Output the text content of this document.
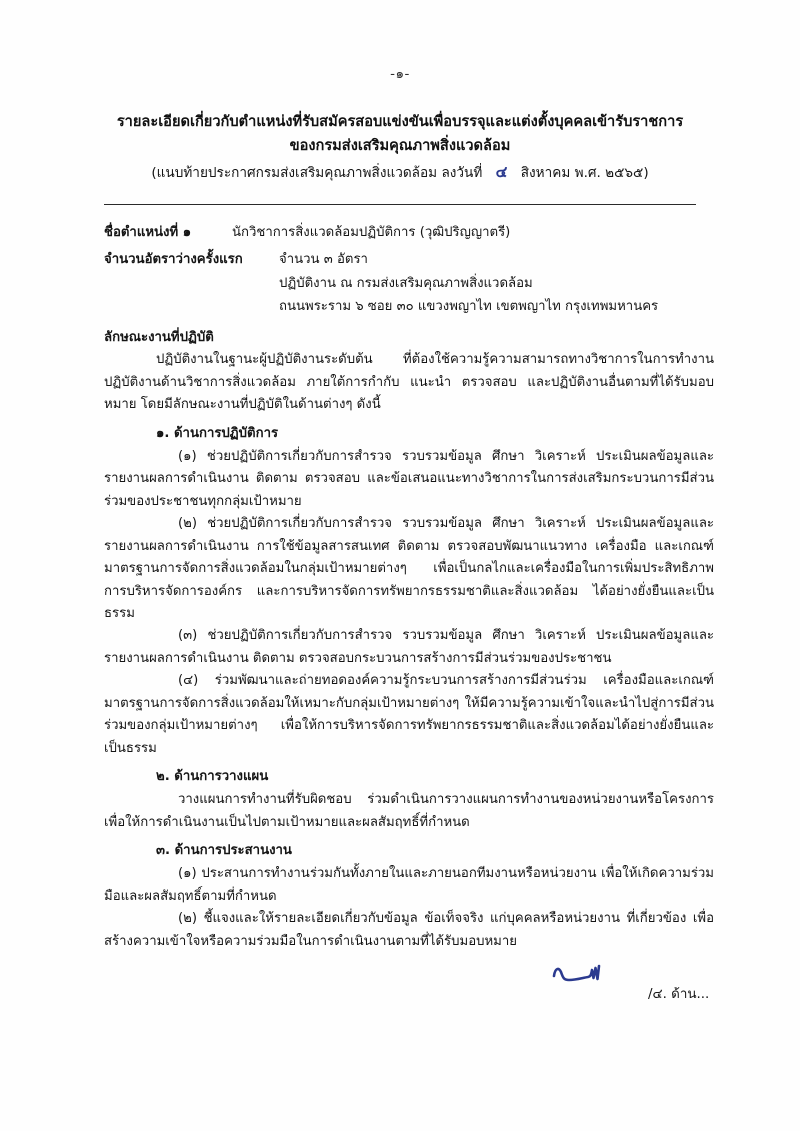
-๑-
รายละเอียดเกี่ยวกับตำแหน่งที่รับสมัครสอบแข่งขันเพื่อบรรจุและแต่งตั้งบุคคลเข้ารับราชการ
ของกรมส่งเสริมคุณภาพสิ่งแวดล้อม
(แนบท้ายประกาศกรมส่งเสริมคุณภาพสิ่งแวดล้อม ลงวันที่ ๔ สิงหาคม พ.ศ. ๒๕๖๕)
ชื่อตำแหน่งที่ ๑	นักวิชาการสิ่งแวดล้อมปฏิบัติการ (วุฒิปริญญาตรี)
จำนวนอัตราว่างครั้งแรก	จำนวน ๓ อัตรา
ปฏิบัติงาน ณ กรมส่งเสริมคุณภาพสิ่งแวดล้อม
ถนนพระราม ๖ ซอย ๓๐ แขวงพญาไท เขตพญาไท กรุงเทพมหานคร
ลักษณะงานที่ปฏิบัติ
ปฏิบัติงานในฐานะผู้ปฏิบัติงานระดับต้น ที่ต้องใช้ความรู้ความสามารถทางวิชาการในการทำงาน ปฏิบัติงานด้านวิชาการสิ่งแวดล้อม ภายใต้การกำกับ แนะนำ ตรวจสอบ และปฏิบัติงานอื่นตามที่ได้รับมอบหมาย โดยมีลักษณะงานที่ปฏิบัติในด้านต่างๆ ดังนี้
๑. ด้านการปฏิบัติการ
(๑) ช่วยปฏิบัติการเกี่ยวกับการสำรวจ รวบรวมข้อมูล ศึกษา วิเคราะห์ ประเมินผลข้อมูลและรายงานผลการดำเนินงาน ติดตาม ตรวจสอบ และข้อเสนอแนะทางวิชาการในการส่งเสริมกระบวนการมีส่วนร่วมของประชาชนทุกกลุ่มเป้าหมาย
(๒) ช่วยปฏิบัติการเกี่ยวกับการสำรวจ รวบรวมข้อมูล ศึกษา วิเคราะห์ ประเมินผลข้อมูลและรายงานผลการดำเนินงาน การใช้ข้อมูลสารสนเทศ ติดตาม ตรวจสอบพัฒนาแนวทาง เครื่องมือ และเกณฑ์มาตรฐานการจัดการสิ่งแวดล้อมในกลุ่มเป้าหมายต่างๆ เพื่อเป็นกลไกและเครื่องมือในการเพิ่มประสิทธิภาพการบริหารจัดการองค์กร และการบริหารจัดการทรัพยากรธรรมชาติและสิ่งแวดล้อม ได้อย่างยั่งยืนและเป็นธรรม
(๓) ช่วยปฏิบัติการเกี่ยวกับการสำรวจ รวบรวมข้อมูล ศึกษา วิเคราะห์ ประเมินผลข้อมูลและรายงานผลการดำเนินงาน ติดตาม ตรวจสอบกระบวนการสร้างการมีส่วนร่วมของประชาชน
(๔) ร่วมพัฒนาและถ่ายทอดองค์ความรู้กระบวนการสร้างการมีส่วนร่วม เครื่องมือและเกณฑ์มาตรฐานการจัดการสิ่งแวดล้อมให้เหมาะกับกลุ่มเป้าหมายต่างๆ ให้มีความรู้ความเข้าใจและนำไปสู่การมีส่วนร่วมของกลุ่มเป้าหมายต่างๆ เพื่อให้การบริหารจัดการทรัพยากรธรรมชาติและสิ่งแวดล้อมได้อย่างยั่งยืนและเป็นธรรม
๒. ด้านการวางแผน
วางแผนการทำงานที่รับผิดชอบ ร่วมดำเนินการวางแผนการทำงานของหน่วยงานหรือโครงการ เพื่อให้การดำเนินงานเป็นไปตามเป้าหมายและผลสัมฤทธิ์ที่กำหนด
๓. ด้านการประสานงาน
(๑) ประสานการทำงานร่วมกันทั้งภายในและภายนอกทีมงานหรือหน่วยงาน เพื่อให้เกิดความร่วมมือและผลสัมฤทธิ์ตามที่กำหนด
(๒) ชี้แจงและให้รายละเอียดเกี่ยวกับข้อมูล ข้อเท็จจริง แก่บุคคลหรือหน่วยงาน ที่เกี่ยวข้อง เพื่อสร้างความเข้าใจหรือความร่วมมือในการดำเนินงานตามที่ได้รับมอบหมาย
/๔. ด้าน...
